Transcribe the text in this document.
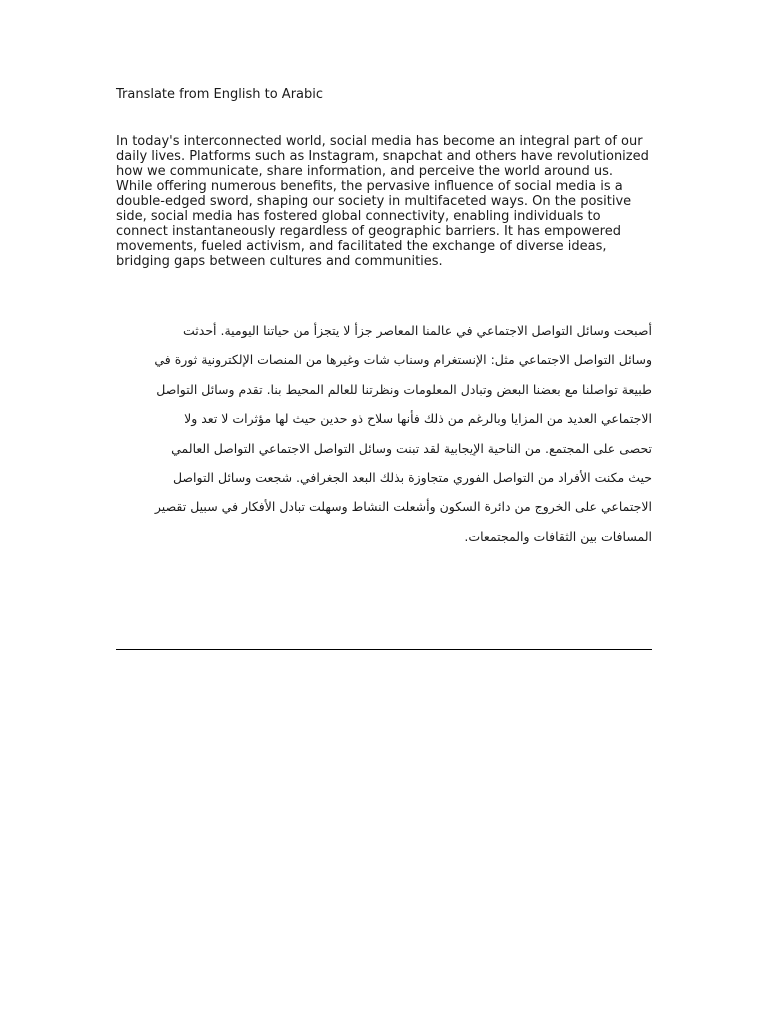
Translate from English to Arabic

In today's interconnected world, social media has become an integral part of our daily lives. Platforms such as Instagram, snapchat and others have revolutionized how we communicate, share information, and perceive the world around us. While offering numerous benefits, the pervasive influence of social media is a double-edged sword, shaping our society in multifaceted ways. On the positive side, social media has fostered global connectivity, enabling individuals to connect instantaneously regardless of geographic barriers. It has empowered movements, fueled activism, and facilitated the exchange of diverse ideas, bridging gaps between cultures and communities.

أصبحت وسائل التواصل الاجتماعي في عالمنا المعاصر جزأ لا يتجزأ من حياتنا اليومية. أحدثت
وسائل التواصل الاجتماعي مثل: الإنستغرام وسناب شات وغيرها من المنصات الإلكترونية ثورة في
طبيعة تواصلنا مع بعضنا البعض وتبادل المعلومات ونظرتنا للعالم المحيط بنا. تقدم وسائل التواصل
الاجتماعي العديد من المزايا وبالرغم من ذلك فأنها سلاح ذو حدين حيث لها مؤثرات لا تعد ولا
تحصى على المجتمع. من الناحية الإيجابية لقد تبنت وسائل التواصل الاجتماعي التواصل العالمي
حيث مكنت الأفراد من التواصل الفوري متجاوزة بذلك البعد الجغرافي. شجعت وسائل التواصل
الاجتماعي على الخروج من دائرة السكون وأشعلت النشاط وسهلت تبادل الأفكار في سبيل تقصير
المسافات بين الثقافات والمجتمعات.
